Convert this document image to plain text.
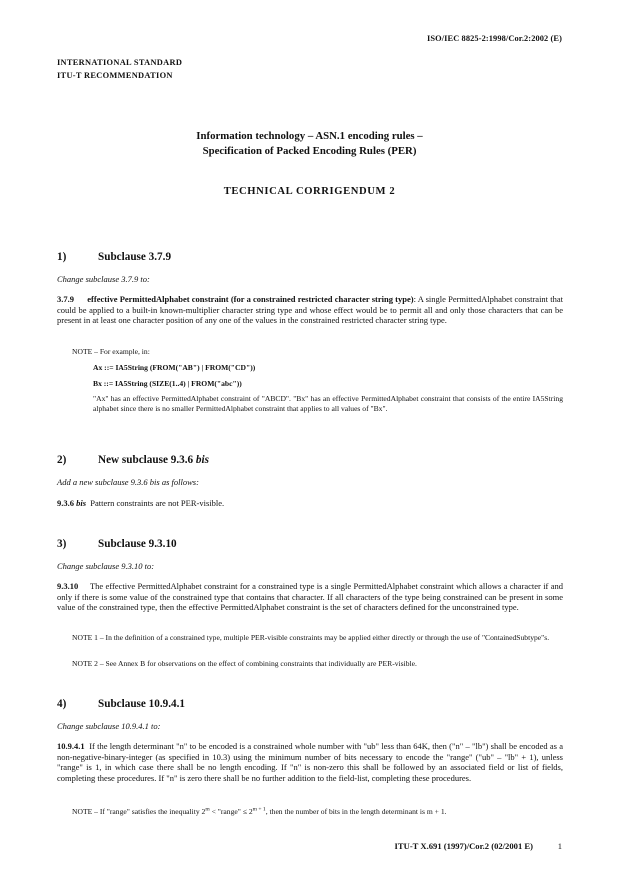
ISO/IEC 8825-2:1998/Cor.2:2002 (E)
INTERNATIONAL STANDARD
ITU-T RECOMMENDATION
Information technology – ASN.1 encoding rules –
Specification of Packed Encoding Rules (PER)
TECHNICAL CORRIGENDUM 2
1)	Subclause 3.7.9
Change subclause 3.7.9 to:
3.7.9 effective PermittedAlphabet constraint (for a constrained restricted character string type): A single PermittedAlphabet constraint that could be applied to a built-in known-multiplier character string type and whose effect would be to permit all and only those characters that can be present in at least one character position of any one of the values in the constrained restricted character string type.
NOTE – For example, in:
Ax ::= IA5String (FROM("AB") | FROM("CD"))
Bx ::= IA5String (SIZE(1..4) | FROM("abc"))
"Ax" has an effective PermittedAlphabet constraint of "ABCD". "Bx" has an effective PermittedAlphabet constraint that consists of the entire IA5String alphabet since there is no smaller PermittedAlphabet constraint that applies to all values of "Bx".
2)	New subclause 9.3.6 bis
Add a new subclause 9.3.6 bis as follows:
9.3.6 bis Pattern constraints are not PER-visible.
3)	Subclause 9.3.10
Change subclause 9.3.10 to:
9.3.10 The effective PermittedAlphabet constraint for a constrained type is a single PermittedAlphabet constraint which allows a character if and only if there is some value of the constrained type that contains that character. If all characters of the type being constrained can be present in some value of the constrained type, then the effective PermittedAlphabet constraint is the set of characters defined for the unconstrained type.
NOTE 1 – In the definition of a constrained type, multiple PER-visible constraints may be applied either directly or through the use of "ContainedSubtype"s.
NOTE 2 – See Annex B for observations on the effect of combining constraints that individually are PER-visible.
4)	Subclause 10.9.4.1
Change subclause 10.9.4.1 to:
10.9.4.1 If the length determinant "n" to be encoded is a constrained whole number with "ub" less than 64K, then ("n" – "lb") shall be encoded as a non-negative-binary-integer (as specified in 10.3) using the minimum number of bits necessary to encode the "range" ("ub" – "lb" + 1), unless "range" is 1, in which case there shall be no length encoding. If "n" is non-zero this shall be followed by an associated field or list of fields, completing these procedures. If "n" is zero there shall be no further addition to the field-list, completing these procedures.
NOTE – If "range" satisfies the inequality $2^m$ < "range" ≤ $2^{m + 1}$, then the number of bits in the length determinant is m + 1.
ITU-T X.691 (1997)/Cor.2 (02/2001 E)	1
